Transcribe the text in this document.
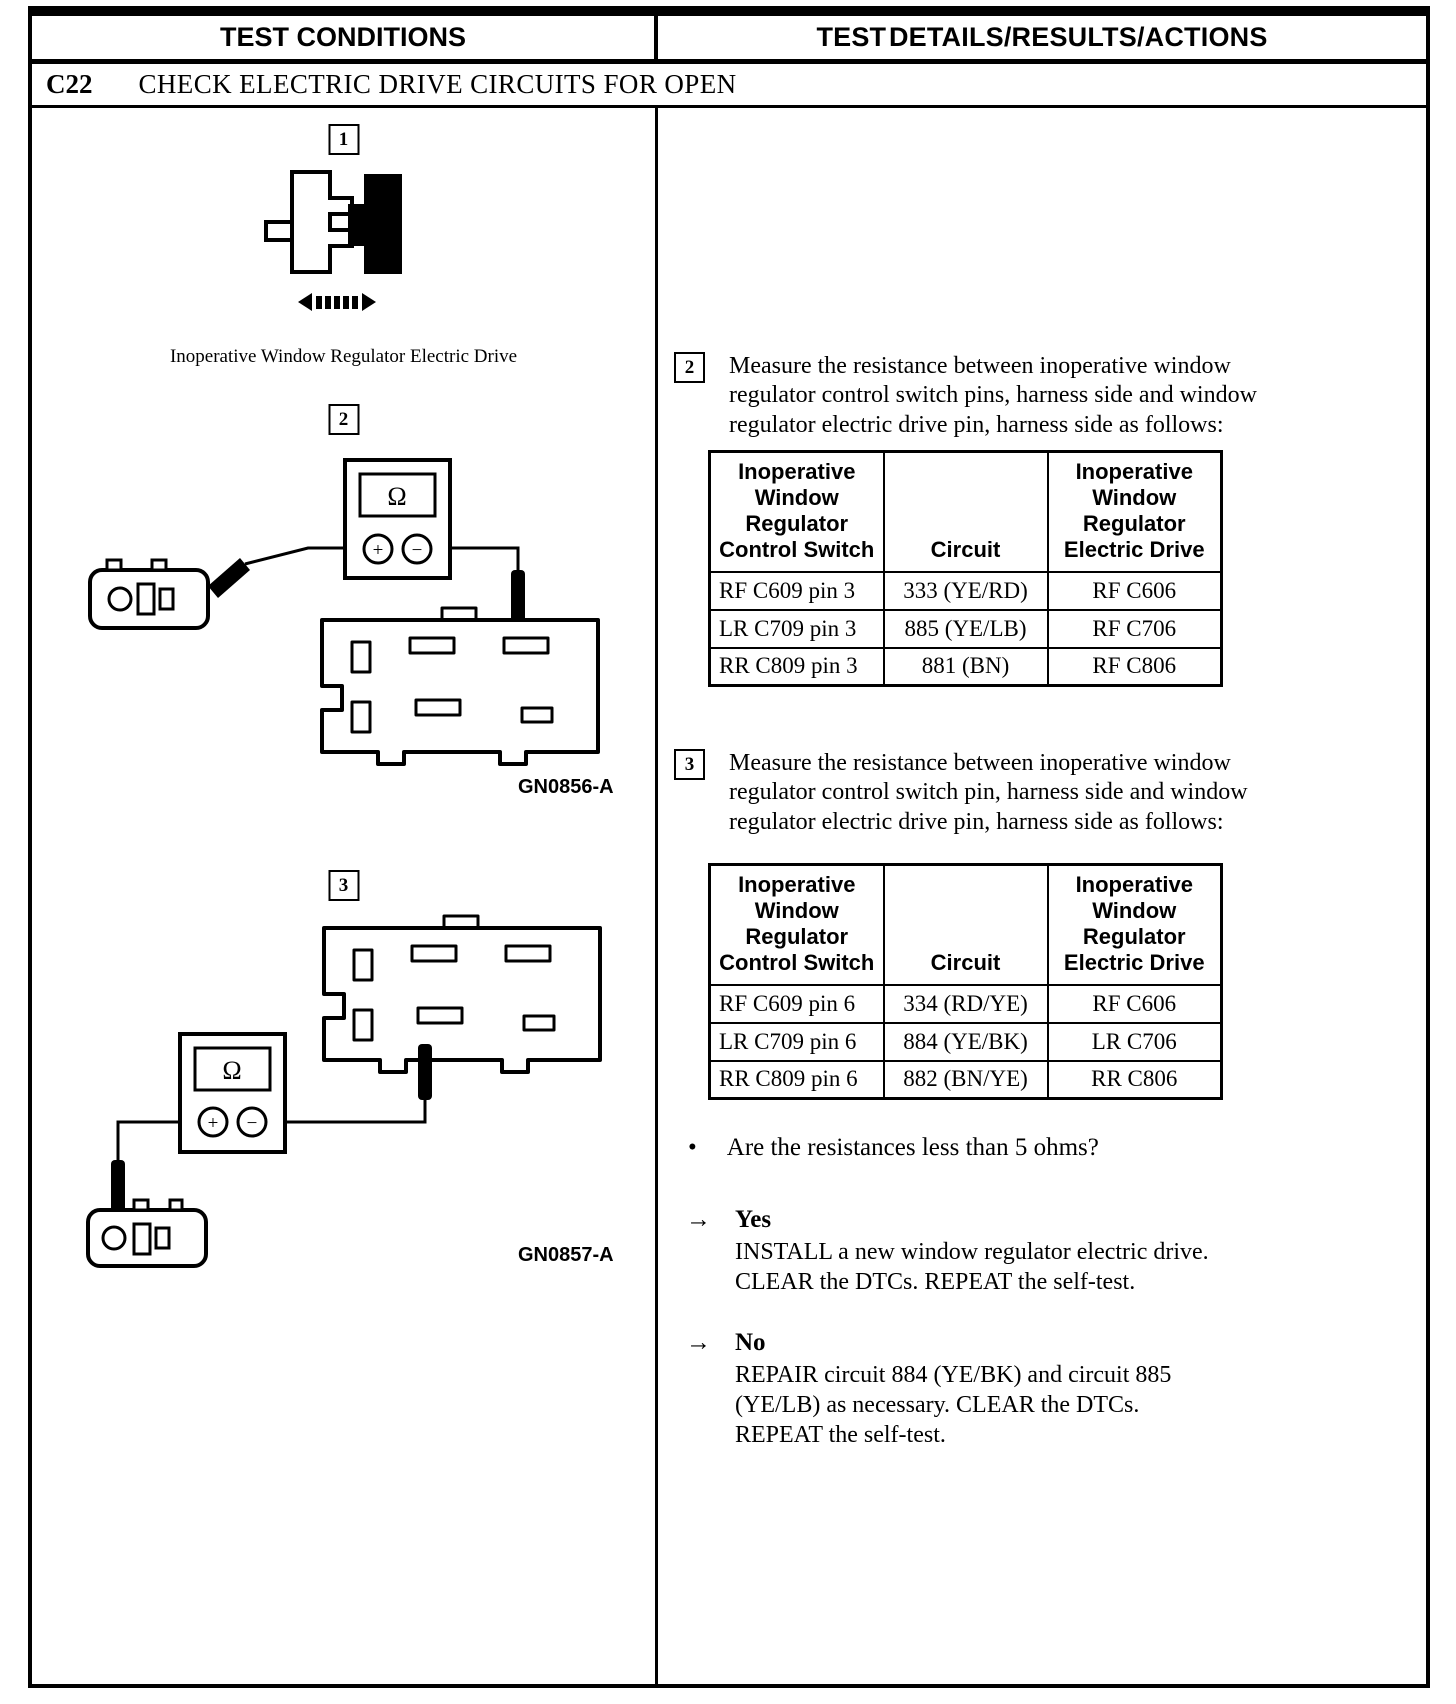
TEST CONDITIONS	TEST DETAILS/RESULTS/ACTIONS
C22 CHECK ELECTRIC DRIVE CIRCUITS FOR OPEN
1
Inoperative Window Regulator Electric Drive
2
Ω
+ −
GN0856-A
3
Ω
+ −
GN0857-A
2	Measure the resistance between inoperative window regulator control switch pins, harness side and window regulator electric drive pin, harness side as follows:
Inoperative Window Regulator Control Switch	Circuit	Inoperative Window Regulator Electric Drive
RF C609 pin 3	333 (YE/RD)	RF C606
LR C709 pin 3	885 (YE/LB)	RF C706
RR C809 pin 3	881 (BN)	RF C806
3	Measure the resistance between inoperative window regulator control switch pin, harness side and window regulator electric drive pin, harness side as follows:
Inoperative Window Regulator Control Switch	Circuit	Inoperative Window Regulator Electric Drive
RF C609 pin 6	334 (RD/YE)	RF C606
LR C709 pin 6	884 (YE/BK)	LR C706
RR C809 pin 6	882 (BN/YE)	RR C806
• Are the resistances less than 5 ohms?
→ Yes
INSTALL a new window regulator electric drive. CLEAR the DTCs. REPEAT the self-test.
→ No
REPAIR circuit 884 (YE/BK) and circuit 885 (YE/LB) as necessary. CLEAR the DTCs. REPEAT the self-test.
